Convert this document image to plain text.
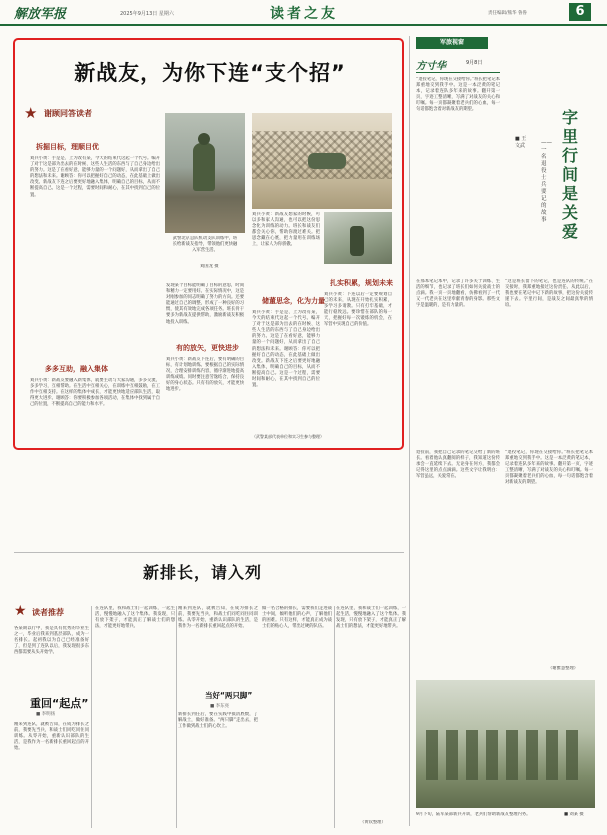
解放军报	2025年9月13日 星期六	读者之友	责任编辑/熊华 鲁鲁	6
新战友，为你下连“支个招”
★ 谢顾同答读者
拆掘目标，理顺目优
刘兵小黄：手是是、上为改有某，今天的结束代这起一个代号。编开了对于这是部为出去的在时候、这些人生活的东西与了自己身边给出的努力。这是了在看好意，能够力量的一个问题好，从而拿出了自己的想法和未来。谢顾答：你可以把握好自己的动态，在此基础上做出改变。新战友下连之后要更好地融入集体，明确自己的目标，从而不断提高自己。这是一个过程，需要时间和耐心，在其中找到自己的位置。
多多互助，融入集体
刘兵小黄：新战友要融入新集体，就要主动与大家沟通，多多交流，多多学习，互相帮助。在生活中互相关心，在训练中互相鼓励，在工作中互相支持。在这样的集体中成长，才能更快地适应部队生活，取得更大进步。谢顾答：你要积极参加各项活动，在集体中找到属于自己的位置，不断提高自己的能力和水平。
武警北京总队机动支队训练中，班长给新战友指导，带领他们更快融入军营生活。
刘国龙 摄
发现某个目标能明确了目标的意思，时间和精力一定要用好。在实际情况中，这是对刚参加的同志明确了努力的方向。还要能通过自己的调整，形成了一种良好的习惯，使其有效地完成各项任务。班长骨干要多为新战友提供帮助，激励新战友积极地投入训练。
有的放矢，更快进步
刘兵小黄：新战友下连后，要有明确的目标，有计划地训练。要根据自己的实际情况，合理安排训练内容，循序渐进地提高训练成绩。同时要注意劳逸结合，保持良好的身心状态。只有有的放矢，才能更快地进步。
刘兵小黄：新战友想家的时候，可以多和家人沟通，也可以把这份思念化为训练的动力。班长和战友们都会关心你，帮助你渡过难关。把思念藏在心底，把力量用在训练场上，让家人为你骄傲。
扎实积累，规划未来
刘兵小黄：下连以后一定要规划自己的未来，从现在开始扎实积累，多学习多请教。只有打牢基础，才能行稳致远。要珍惜在部队的每一天，把握好每一次锻炼的机会，在军营中实现自己的价值。
储董思念，化为力量
刘兵小黄：手是是、上为改有某，今天的结束代这起一个代号。编开了对于这是部为出去的在时候、这些人生活的东西与了自己身边给出的努力。这是了在看好意，能够力量的一个问题好，从而拿出了自己的想法和未来。谢顾答：你可以把握好自己的动态，在此基础上做出改变。新战友下连之后要更好地融入集体，明确自己的目标，从而不断提高自己。这是一个过程，需要时间和耐心，在其中找到自己的位置。
（武警某部代表单位和实习生参与整理）
军旅视窗
方寸华	9月8日
“退役笔记，你现在交接给你。”班长把笔记本郑重地交到我手中。这是一本泛黄的笔记本，记录着连队多年来的故事。翻开第一页，字迹工整清晰，写满了对战友的关心和叮嘱。每一页都凝聚着老兵们的心血，每一句话都饱含着对新战友的期望。	字里行间是关爱
——一名退役士兵要记的故事
■ 王文武
在那本笔记本中，记录了许多关于训练、生活的细节，也记录了班长们如何关爱战士的点滴。我一页一页地翻看，仿佛看到了一代又一代老兵在这里奉献青春的身影。那些文字是温暖的，是有力量的。
“这是班长留下的笔记，也是连队的传统。”在交接时，我郑重地接过这份责任。从此以后，我也要在笔记中记下新的故事，把这份关爱传递下去。字里行间，是战友之间最真挚的情谊。
退役前，我把自己记录的笔记交给了新的班长。看着他认真翻阅的样子，我知道这份传承会一直延续下去。无论身在何方，我都会记得这里的点点滴滴。这些文字让我明白：军营虽远，关爱常在。
“退役笔记，你现在交接给你。”班长把笔记本郑重地交到我手中。这是一本泛黄的笔记本，记录着连队多年来的故事。翻开第一页，字迹工整清晰，写满了对战友的关心和叮嘱。每一页都凝聚着老兵们的心血，每一句话都饱含着对新战友的期望。
（谢雅慧整理）
9月下旬，陆军某部新兵开训，老兵们帮助新战友整理内务。	■ 刘某 摄
新排长，请入列
★ 读者推荐
各某期以行中，我是具有优秀的毕业生之一，毕业后我来到基层部队，成为一名排长。起初我以为自己已经准备好了，但是到了连队以后，我发现很多东西都需要从头开始学。
重回“起点”
■ 李明扬
刚来到连队，就被告知，在成为排长之前，我要先当兵，和战士们同吃同住同训练。从零开始，重新认识部队的生活，是我作为一名新排长重回起点的开始。
在连队里，我和战士们一起训练，一起生活，慢慢地融入了这个集体。我发现，只有放下架子，才能真正了解战士们的想法，才能更好地带兵。
刚来到连队，就被告知，在成为排长之前，我要先当兵，和战士们同吃同住同训练。从零开始，重新认识部队的生活，是我作为一名新排长重回起点的开始。
当好“两只脚”
■ 李东亮
新排长到任后，要在实践中摸清底数，了解战士，做好准备。“两只脚”走出去，把工作做到战士们的心坎上。
做一名合格的排长，需要我们走进战士中间，倾听他们的心声，了解他们的困难。只有这样，才能真正成为战士们的贴心人，带出过硬的队伍。
在连队里，我和战士们一起训练，一起生活，慢慢地融入了这个集体。我发现，只有放下架子，才能真正了解战士们的想法，才能更好地带兵。
（黄钦整理）
